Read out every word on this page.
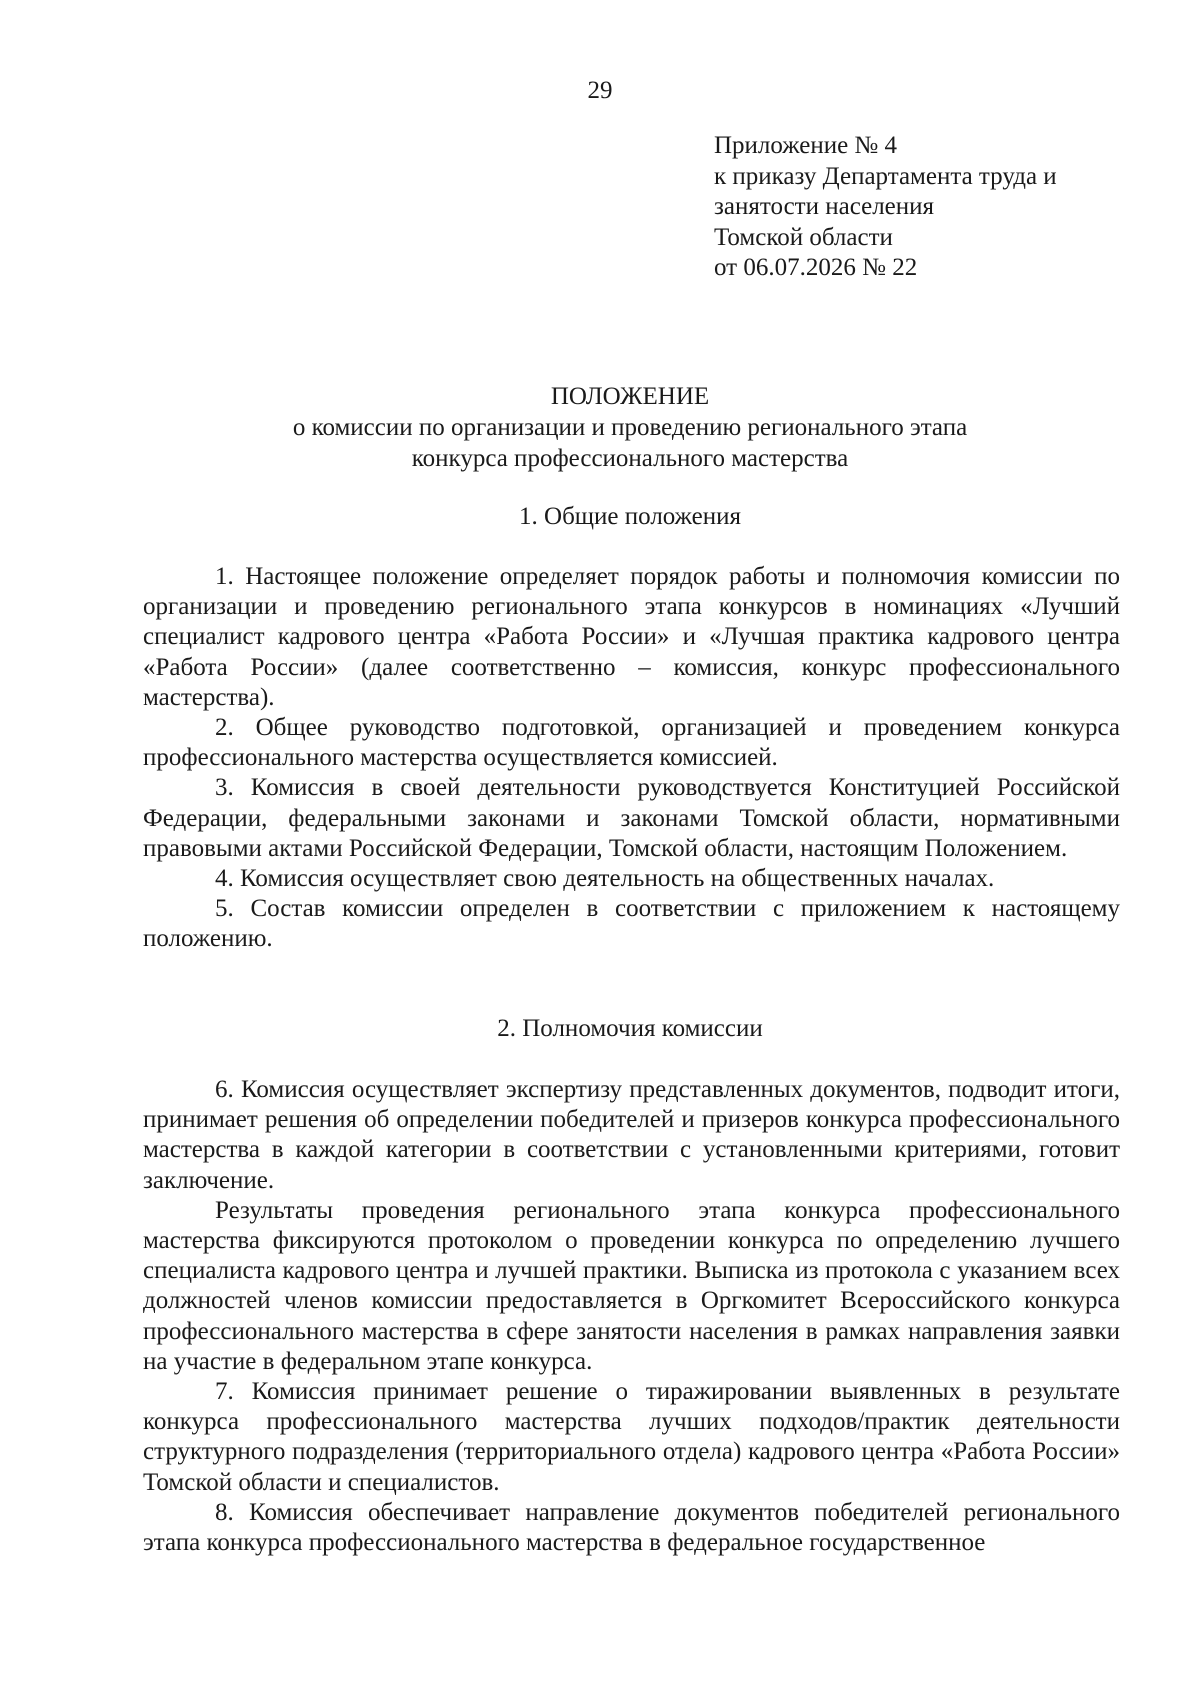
29
Приложение № 4
к приказу Департамента труда и
занятости населения
Томской области
от 06.07.2026 № 22
ПОЛОЖЕНИЕ
о комиссии по организации и проведению регионального этапа
конкурса профессионального мастерства
1. Общие положения

1. Настоящее положение определяет порядок работы и полномочия комиссии по организации и проведению регионального этапа конкурсов в номинациях «Лучший специалист кадрового центра «Работа России» и «Лучшая практика кадрового центра «Работа России» (далее соответственно – комиссия, конкурс профессионального мастерства).

2. Общее руководство подготовкой, организацией и проведением конкурса профессионального мастерства осуществляется комиссией.

3. Комиссия в своей деятельности руководствуется Конституцией Российской Федерации, федеральными законами и законами Томской области, нормативными правовыми актами Российской Федерации, Томской области, настоящим Положением.

4. Комиссия осуществляет свою деятельность на общественных началах.

5. Состав комиссии определен в соответствии с приложением к настоящему положению.

2. Полномочия комиссии

6. Комиссия осуществляет экспертизу представленных документов, подводит итоги, принимает решения об определении победителей и призеров конкурса профессионального мастерства в каждой категории в соответствии с установленными критериями, готовит заключение.

Результаты проведения регионального этапа конкурса профессионального мастерства фиксируются протоколом о проведении конкурса по определению лучшего специалиста кадрового центра и лучшей практики. Выписка из протокола с указанием всех должностей членов комиссии предоставляется в Оргкомитет Всероссийского конкурса профессионального мастерства в сфере занятости населения в рамках направления заявки на участие в федеральном этапе конкурса.

7. Комиссия принимает решение о тиражировании выявленных в результате конкурса профессионального мастерства лучших подходов/практик деятельности структурного подразделения (территориального отдела) кадрового центра «Работа России» Томской области и специалистов.

8. Комиссия обеспечивает направление документов победителей регионального этапа конкурса профессионального мастерства в федеральное государственное
